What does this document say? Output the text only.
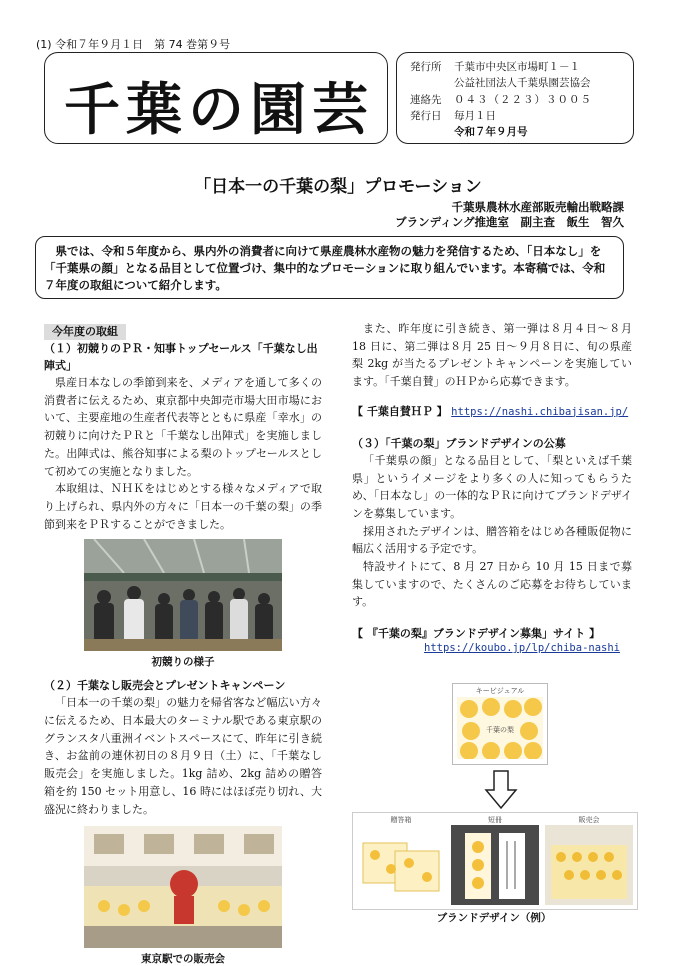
(1) 令和７年９月１日　第 74 巻第９号
千葉の園芸
発行所 千葉市中央区市場町１－１
公益社団法人千葉県園芸協会
連絡先 ０４３（２２３）３００５
発行日 毎月１日
令和７年９月号
「日本一の千葉の梨」プロモーション
千葉県農林水産部販売輸出戦略課
ブランディング推進室　副主査　飯生　智久
県では、令和５年度から、県内外の消費者に向けて県産農林水産物の魅力を発信するため、「日本なし」を「千葉県の顔」となる品目として位置づけ、集中的なプロモーションに取り組んでいます。本寄稿では、令和７年度の取組について紹介します。
今年度の取組

（１）初競りのＰＲ・知事トップセールス「千葉なし出陣式」

県産日本なしの季節到来を、メディアを通して多くの消費者に伝えるため、東京都中央卸売市場大田市場において、主要産地の生産者代表等とともに県産「幸水」の初競りに向けたＰＲと「千葉なし出陣式」を実施しました。出陣式は、熊谷知事による梨のトップセールスとして初めての実施となりました。

本取組は、ＮＨＫをはじめとする様々なメディアで取り上げられ、県内外の方々に「日本一の千葉の梨」の季節到来をＰＲすることができました。

初競りの様子

（２）千葉なし販売会とプレゼントキャンペーン

「日本一の千葉の梨」の魅力を帰省客など幅広い方々に伝えるため、日本最大のターミナル駅である東京駅のグランスタ八重洲イベントスペースにて、昨年に引き続き、お盆前の連休初日の８月９日（土）に、「千葉なし販売会」を実施しました。1kg 詰め、2kg 詰めの贈答箱を約 150 セット用意し、16 時にはほぼ売り切れ、大盛況に終わりました。

東京駅での販売会

また、昨年度に引き続き、第一弾は８月４日～８月 18 日に、第二弾は８月 25 日～９月８日に、旬の県産梨 2kg が当たるプレゼントキャンペーンを実施しています。「千葉自賛」のＨＰから応募できます。

【 千葉自賛ＨＰ 】 https://nashi.chibajisan.jp/

（３）「千葉の梨」ブランドデザインの公募

「千葉県の顔」となる品目として、「梨といえば千葉県」というイメージをより多くの人に知ってもらうため、「日本なし」の一体的なＰＲに向けてブランドデザインを募集しています。

採用されたデザインは、贈答箱をはじめ各種販促物に幅広く活用する予定です。

特設サイトにて、8 月 27 日から 10 月 15 日まで募集していますので、たくさんのご応募をお待ちしています。

【 『千葉の梨』ブランドデザイン募集」サイト 】
https://koubo.jp/lp/chiba-nashi
キービジュアル
千葉の梨
贈答箱	短冊	販売会
ブランドデザイン（例）
